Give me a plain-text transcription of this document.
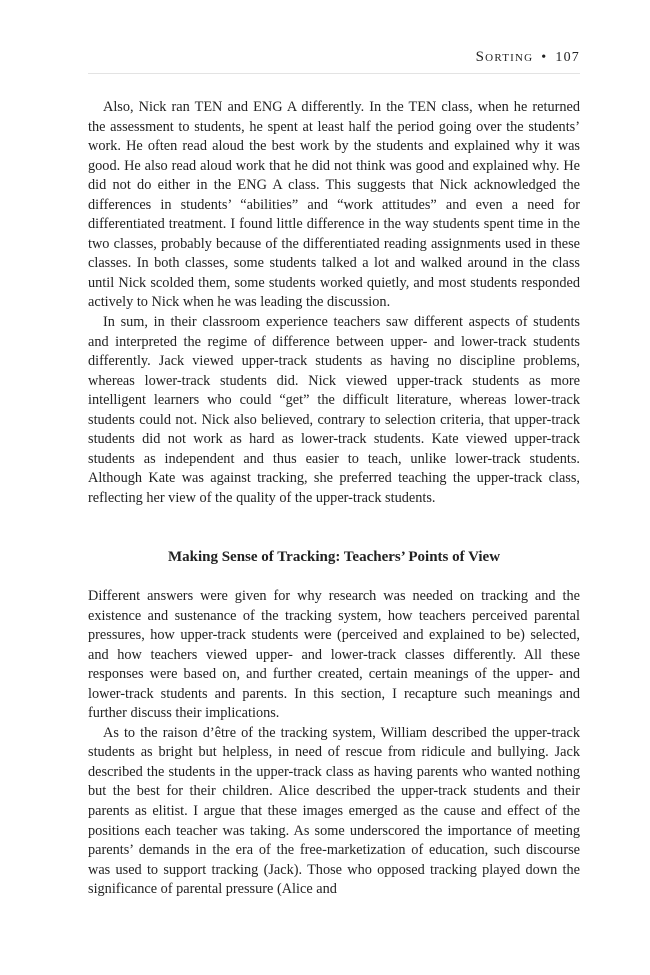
Sorting • 107

Also, Nick ran TEN and ENG A differently. In the TEN class, when he returned the assessment to students, he spent at least half the period going over the students’ work. He often read aloud the best work by the students and explained why it was good. He also read aloud work that he did not think was good and explained why. He did not do either in the ENG A class. This suggests that Nick acknowledged the differences in students’ “abilities” and “work attitudes” and even a need for differentiated treatment. I found little difference in the way students spent time in the two classes, probably because of the differentiated reading assignments used in these classes. In both classes, some students talked a lot and walked around in the class until Nick scolded them, some students worked quietly, and most students responded actively to Nick when he was leading the discussion.

In sum, in their classroom experience teachers saw different aspects of students and interpreted the regime of difference between upper- and lower-track students differently. Jack viewed upper-track students as having no discipline problems, whereas lower-track students did. Nick viewed upper-track students as more intelligent learners who could “get” the difficult literature, whereas lower-track students could not. Nick also believed, contrary to selection criteria, that upper-track students did not work as hard as lower-track students. Kate viewed upper-track students as independent and thus easier to teach, unlike lower-track students. Although Kate was against tracking, she preferred teaching the upper-track class, reflecting her view of the quality of the upper-track students.

Making Sense of Tracking: Teachers’ Points of View

Different answers were given for why research was needed on tracking and the existence and sustenance of the tracking system, how teachers perceived parental pressures, how upper-track students were (perceived and explained to be) selected, and how teachers viewed upper- and lower-track classes differently. All these responses were based on, and further created, certain meanings of the upper- and lower-track students and parents. In this section, I recapture such meanings and further discuss their implications.

As to the raison d’être of the tracking system, William described the upper-track students as bright but helpless, in need of rescue from ridicule and bullying. Jack described the students in the upper-track class as having parents who wanted nothing but the best for their children. Alice described the upper-track students and their parents as elitist. I argue that these images emerged as the cause and effect of the positions each teacher was taking. As some underscored the importance of meeting parents’ demands in the era of the free-marketization of education, such discourse was used to support tracking (Jack). Those who opposed tracking played down the significance of parental pressure (Alice and
